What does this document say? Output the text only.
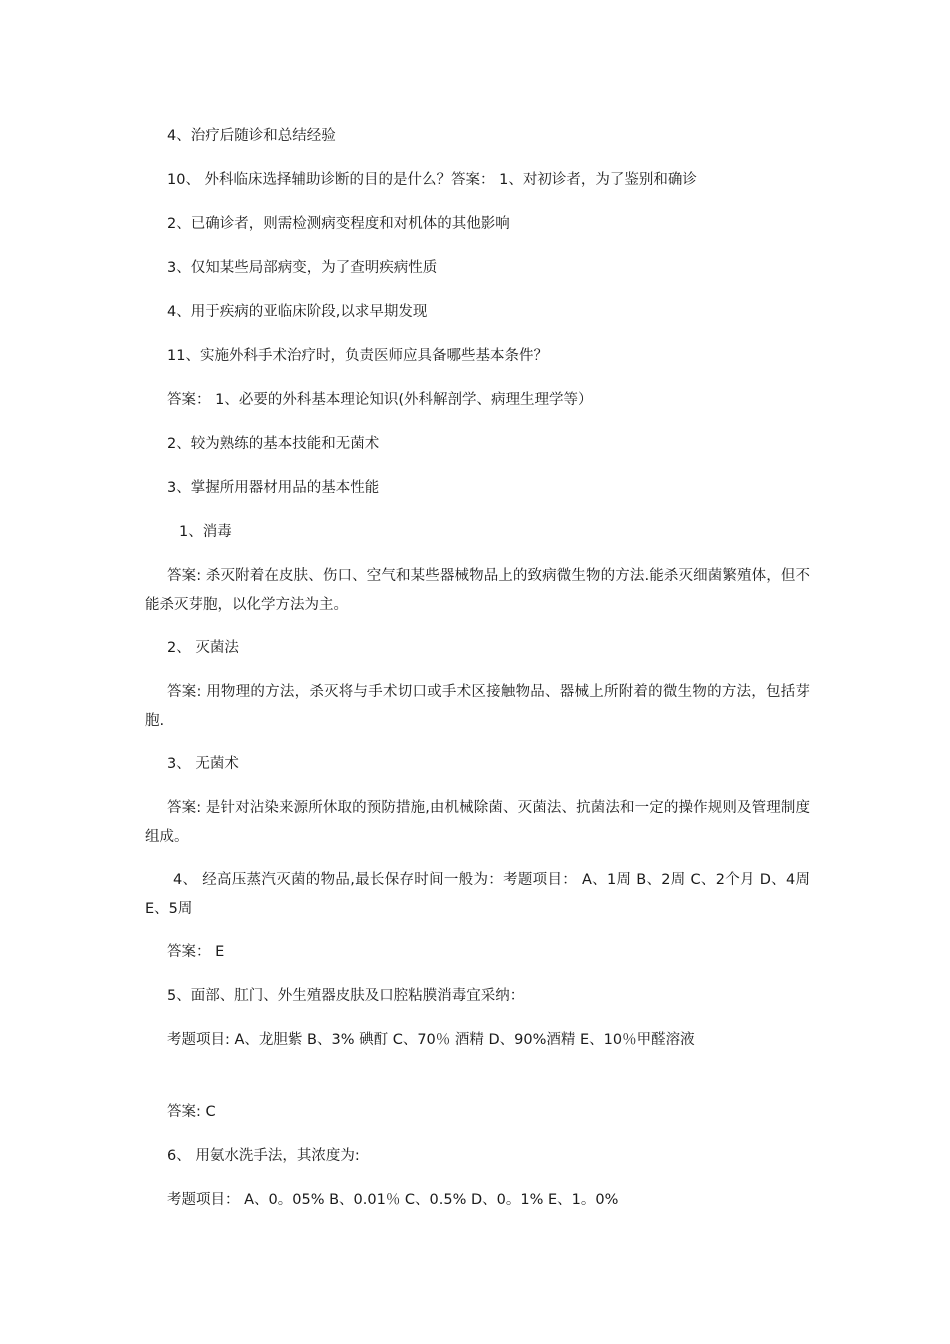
4、治疗后随诊和总结经验

10、 外科临床选择辅助诊断的目的是什么？答案： 1、对初诊者，为了鉴别和确诊

2、已确诊者，则需检测病变程度和对机体的其他影响

3、仅知某些局部病变，为了查明疾病性质

4、用于疾病的亚临床阶段,以求早期发现

11、实施外科手术治疗时，负责医师应具备哪些基本条件？

答案： 1、必要的外科基本理论知识(外科解剖学、病理生理学等）

2、较为熟练的基本技能和无菌术

3、掌握所用器材用品的基本性能

1、消毒

答案: 杀灭附着在皮肤、伤口、空气和某些器械物品上的致病微生物的方法.能杀灭细菌繁殖体，但不能杀灭芽胞，以化学方法为主。

2、 灭菌法

答案: 用物理的方法，杀灭将与手术切口或手术区接触物品、器械上所附着的微生物的方法，包括芽胞.

3、 无菌术

答案: 是针对沾染来源所休取的预防措施,由机械除菌、灭菌法、抗菌法和一定的操作规则及管理制度组成。

4、 经高压蒸汽灭菌的物品,最长保存时间一般为：考题项目： A、1周 B、2周 C、2个月 D、4周 E、5周

答案： E

5、面部、肛门、外生殖器皮肤及口腔粘膜消毒宜采纳：

考题项目: A、龙胆紫 B、3% 碘酊 C、70％ 酒精 D、90%酒精 E、10％甲醛溶液

答案: C

6、 用氨水洗手法，其浓度为:

考题项目： A、0。05% B、0.01％ C、0.5% D、0。1% E、1。0%
